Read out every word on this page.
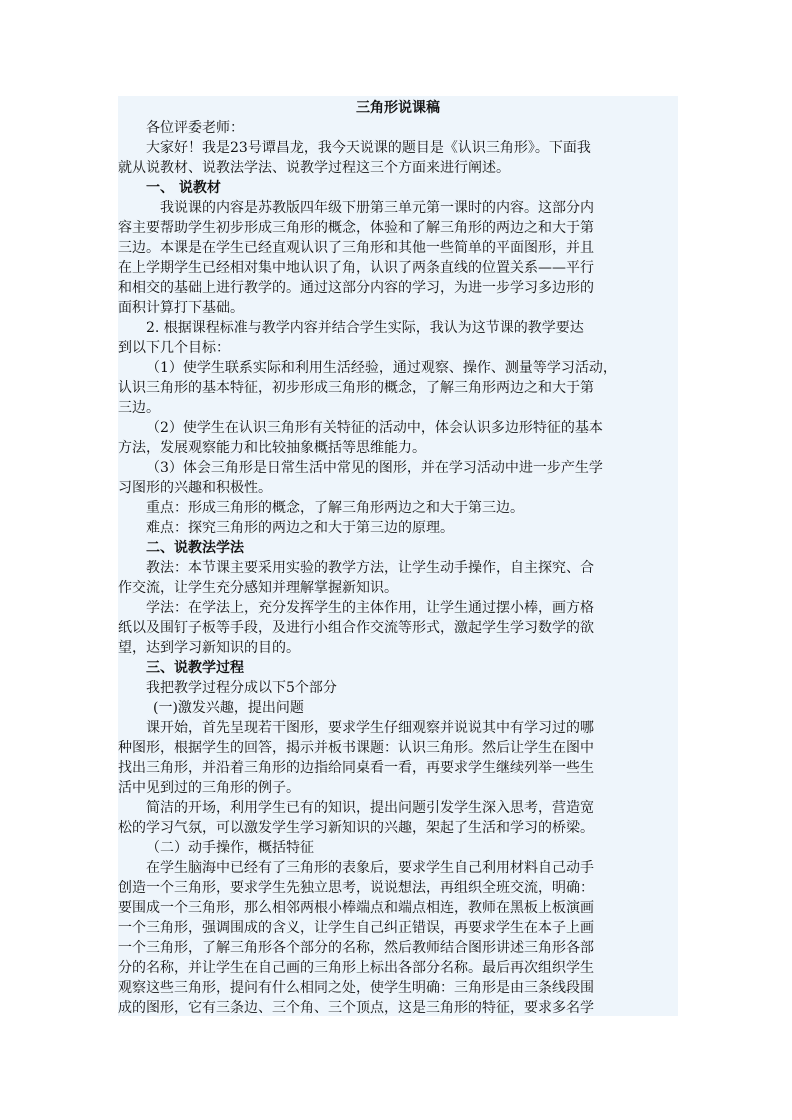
三角形说课稿
各位评委老师：
大家好！我是23号谭昌龙，我今天说课的题目是《认识三角形》。下面我
就从说教材、说教法学法、说教学过程这三个方面来进行阐述。
一、 说教材
我说课的内容是苏教版四年级下册第三单元第一课时的内容。这部分内
容主要帮助学生初步形成三角形的概念，体验和了解三角形的两边之和大于第
三边。本课是在学生已经直观认识了三角形和其他一些简单的平面图形，并且
在上学期学生已经相对集中地认识了角，认识了两条直线的位置关系——平行
和相交的基础上进行教学的。通过这部分内容的学习，为进一步学习多边形的
面积计算打下基础。
2. 根据课程标准与教学内容并结合学生实际，我认为这节课的教学要达
到以下几个目标：
（1）使学生联系实际和利用生活经验，通过观察、操作、测量等学习活动，
认识三角形的基本特征，初步形成三角形的概念，了解三角形两边之和大于第
三边。
（2）使学生在认识三角形有关特征的活动中，体会认识多边形特征的基本
方法，发展观察能力和比较抽象概括等思维能力。
（3）体会三角形是日常生活中常见的图形，并在学习活动中进一步产生学
习图形的兴趣和积极性。
重点：形成三角形的概念，了解三角形两边之和大于第三边。
难点：探究三角形的两边之和大于第三边的原理。
二、说教法学法
教法：本节课主要采用实验的教学方法，让学生动手操作，自主探究、合
作交流，让学生充分感知并理解掌握新知识。
学法：在学法上，充分发挥学生的主体作用，让学生通过摆小棒，画方格
纸以及围钉子板等手段，及进行小组合作交流等形式，激起学生学习数学的欲
望，达到学习新知识的目的。
三、说教学过程
我把教学过程分成以下5个部分
(一)激发兴趣，提出问题
课开始，首先呈现若干图形，要求学生仔细观察并说说其中有学习过的哪
种图形，根据学生的回答，揭示并板书课题：认识三角形。然后让学生在图中
找出三角形，并沿着三角形的边指给同桌看一看，再要求学生继续列举一些生
活中见到过的三角形的例子。
简洁的开场，利用学生已有的知识，提出问题引发学生深入思考，营造宽
松的学习气氛，可以激发学生学习新知识的兴趣，架起了生活和学习的桥梁。
（二）动手操作，概括特征
在学生脑海中已经有了三角形的表象后，要求学生自己利用材料自己动手
创造一个三角形，要求学生先独立思考，说说想法，再组织全班交流，明确：
要围成一个三角形，那么相邻两根小棒端点和端点相连，教师在黑板上板演画
一个三角形，强调围成的含义，让学生自己纠正错误，再要求学生在本子上画
一个三角形，了解三角形各个部分的名称，然后教师结合图形讲述三角形各部
分的名称，并让学生在自己画的三角形上标出各部分名称。最后再次组织学生
观察这些三角形，提问有什么相同之处，使学生明确：三角形是由三条线段围
成的图形，它有三条边、三个角、三个顶点，这是三角形的特征，要求多名学
